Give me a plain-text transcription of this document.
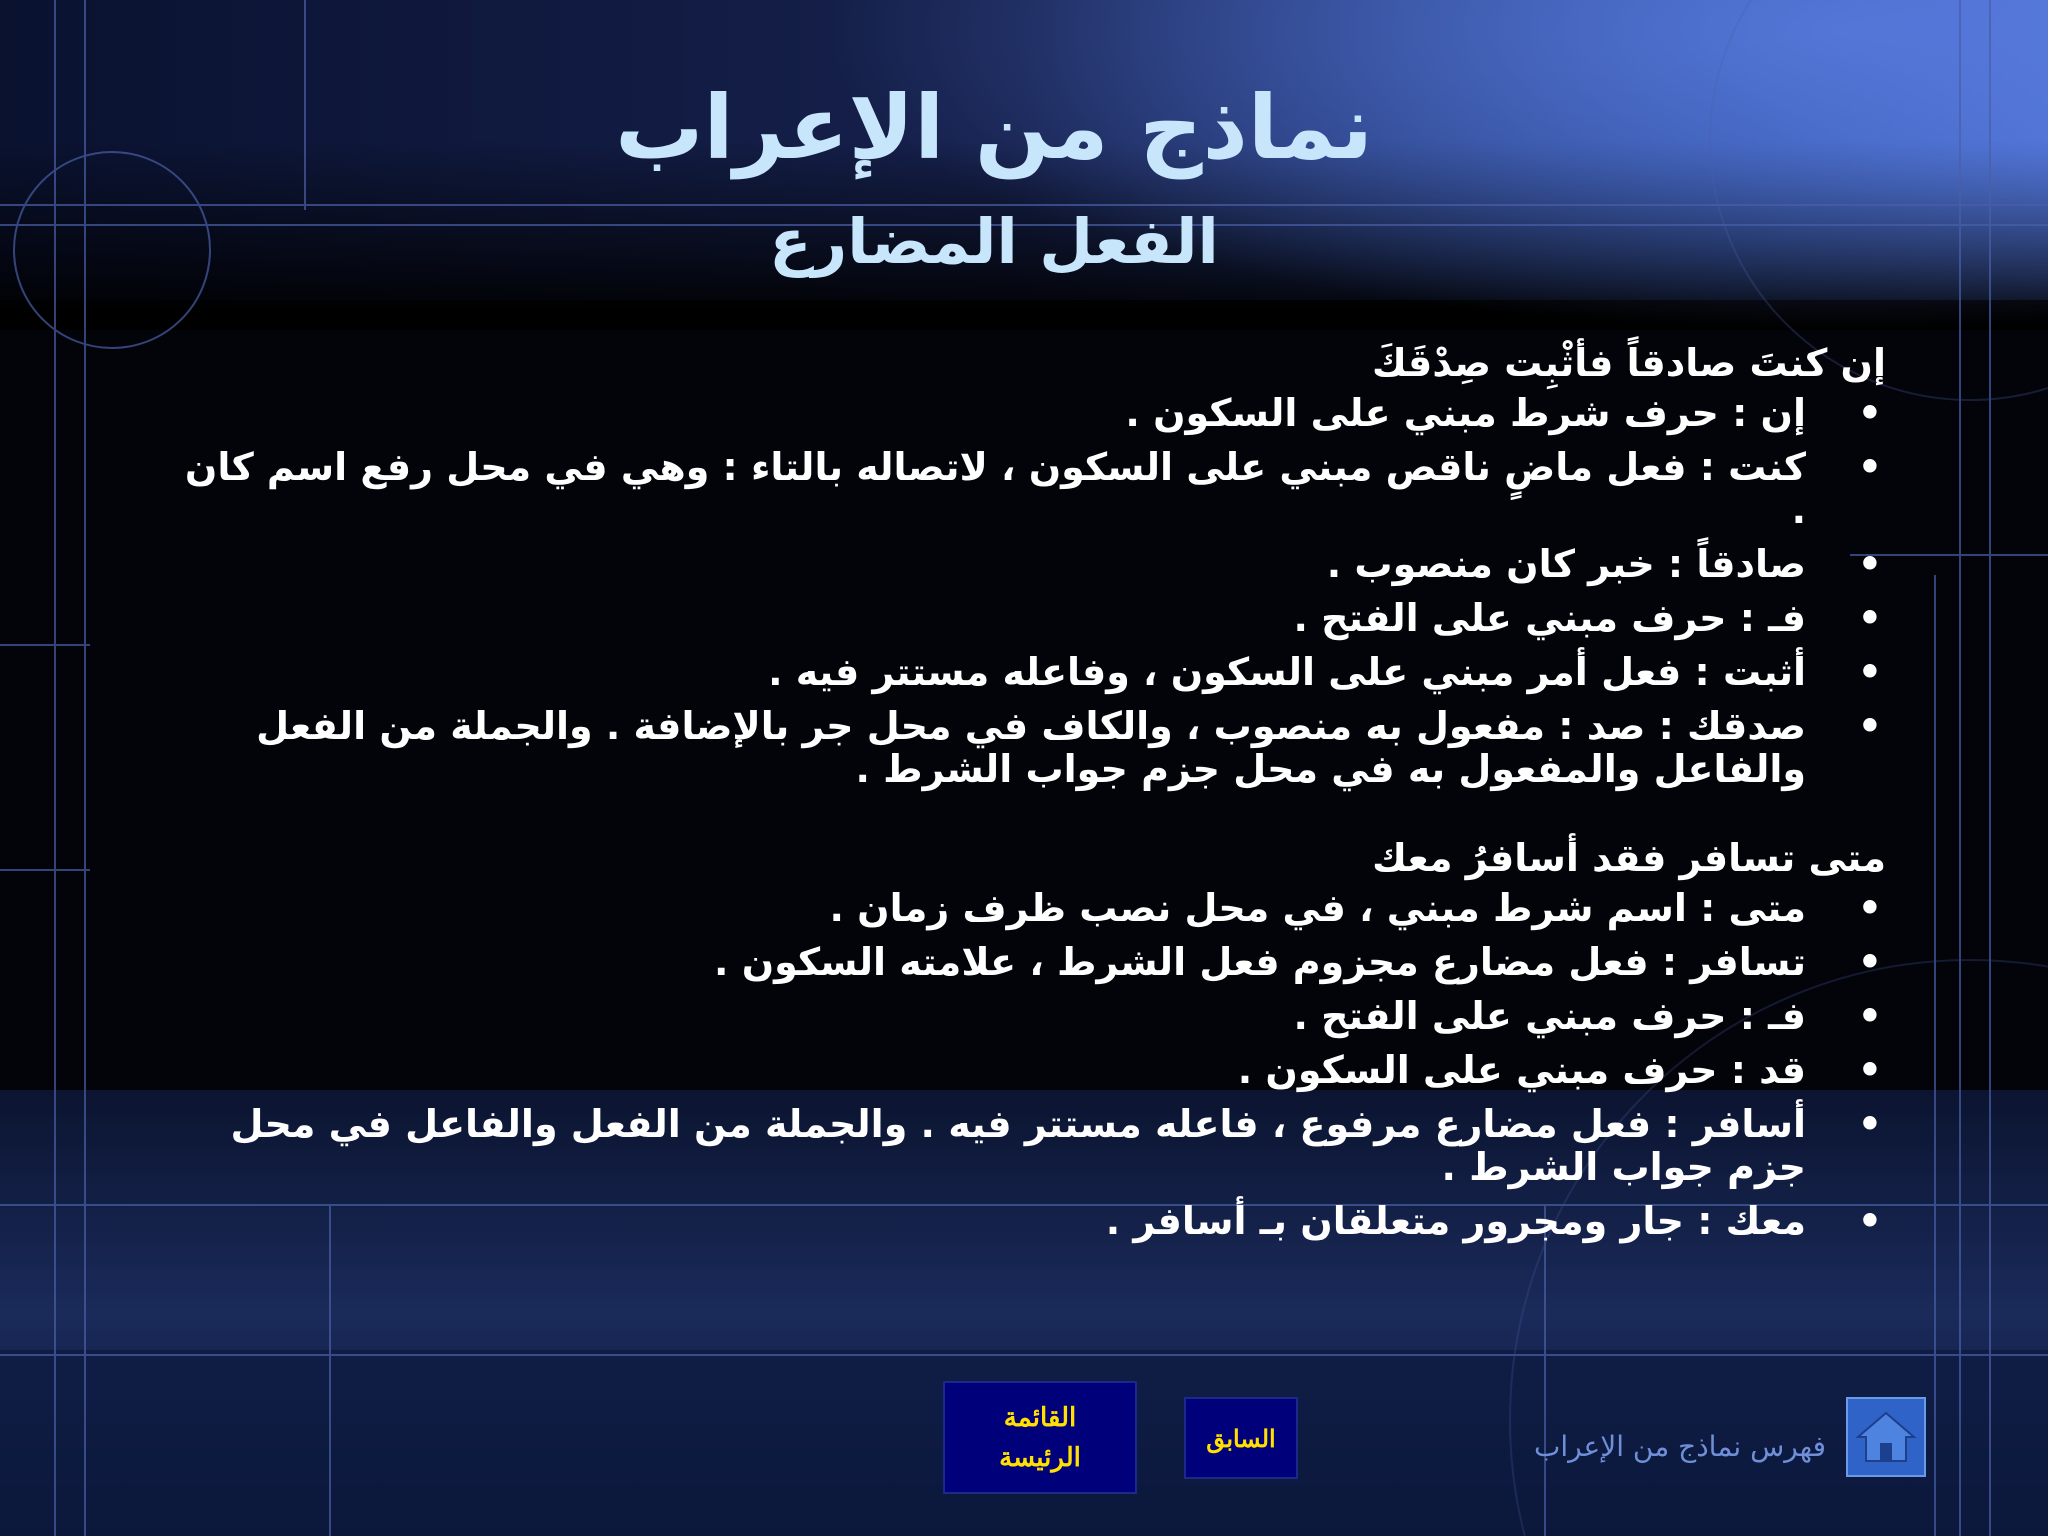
نماذج من الإعراب
الفعل المضارع
إن كنتَ صادقاً فأثْبِت صِدْقَكَ
•
إن : حرف شرط مبني على السكون .
•
كنت : فعل ماضٍ ناقص مبني على السكون ، لاتصاله بالتاء : وهي في محل رفع اسم كان .
•
صادقاً : خبر كان منصوب .
•
فـ : حرف مبني على الفتح .
•
أثبت : فعل أمر مبني على السكون ، وفاعله مستتر فيه .
•
صدقك : صد : مفعول به منصوب ، والكاف في محل جر بالإضافة . والجملة من الفعل والفاعل والمفعول به في محل جزم جواب الشرط .
متى تسافر فقد أسافرُ معك
•
متى : اسم شرط مبني ، في محل نصب ظرف زمان .
•
تسافر : فعل مضارع مجزوم فعل الشرط ، علامته السكون .
•
فـ : حرف مبني على الفتح .
•
قد : حرف مبني على السكون .
•
أسافر : فعل مضارع مرفوع ، فاعله مستتر فيه . والجملة من الفعل والفاعل في محل جزم جواب الشرط .
•
معك : جار ومجرور متعلقان بـ أسافر .
القائمة الرئيسة
السابق	فهرس نماذج من الإعراب
